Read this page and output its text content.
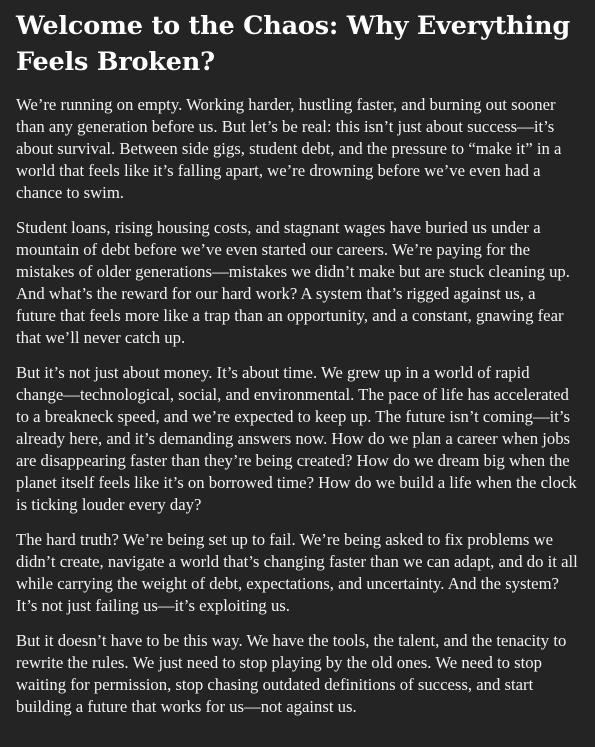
Welcome to the Chaos: Why Everything Feels Broken?

We’re running on empty. Working harder, hustling faster, and burning out sooner than any generation before us. But let’s be real: this isn’t just about success—it’s about survival. Between side gigs, student debt, and the pressure to “make it” in a world that feels like it’s falling apart, we’re drowning before we’ve even had a chance to swim.

Student loans, rising housing costs, and stagnant wages have buried us under a mountain of debt before we’ve even started our careers. We’re paying for the mistakes of older generations—mistakes we didn’t make but are stuck cleaning up. And what’s the reward for our hard work? A system that’s rigged against us, a future that feels more like a trap than an opportunity, and a constant, gnawing fear that we’ll never catch up.

But it’s not just about money. It’s about time. We grew up in a world of rapid change—technological, social, and environmental. The pace of life has accelerated to a breakneck speed, and we’re expected to keep up. The future isn’t coming—it’s already here, and it’s demanding answers now. How do we plan a career when jobs are disappearing faster than they’re being created? How do we dream big when the planet itself feels like it’s on borrowed time? How do we build a life when the clock is ticking louder every day?

The hard truth? We’re being set up to fail. We’re being asked to fix problems we didn’t create, navigate a world that’s changing faster than we can adapt, and do it all while carrying the weight of debt, expectations, and uncertainty. And the system? It’s not just failing us—it’s exploiting us.

But it doesn’t have to be this way. We have the tools, the talent, and the tenacity to rewrite the rules. We just need to stop playing by the old ones. We need to stop waiting for permission, stop chasing outdated definitions of success, and start building a future that works for us—not against us.
